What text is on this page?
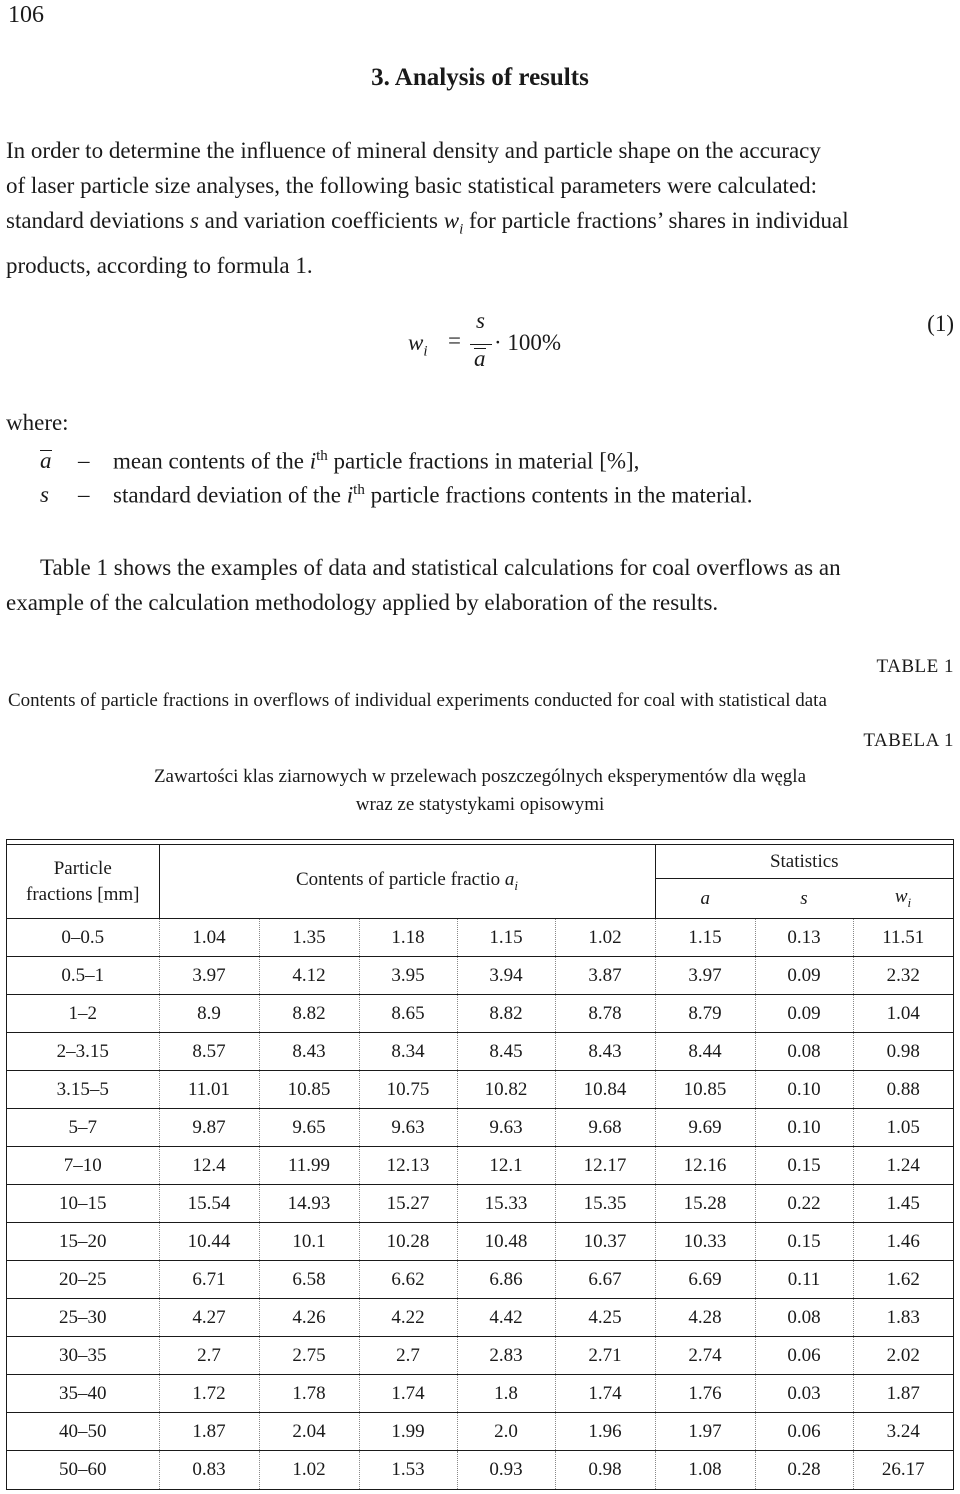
106
3. Analysis of results
In order to determine the influence of mineral density and particle shape on the accuracy
of laser particle size analyses, the following basic statistical parameters were calculated:
standard deviations s and variation coefficients $w_i$ for particle fractions’ shares in individual
products, according to formula 1.
$w_i$ =
s
a
· 100%
(1)
where:
a – mean contents of the $i^{th}$ particle fractions in material [%],
s – standard deviation of the $i^{th}$ particle fractions contents in the material.
Table 1 shows the examples of data and statistical calculations for coal overflows as an
example of the calculation methodology applied by elaboration of the results.
TABLE 1
Contents of particle fractions in overflows of individual experiments conducted for coal with statistical data
TABELA 1
Zawartości klas ziarnowych w przelewach poszczególnych eksperymentów dla węgla
wraz ze statystykami opisowymi
Particle
fractions [mm]	Contents of particle fractio $a_i$					Statistics		
						a	s	$w_i$
0–0.5	1.04	1.35	1.18	1.15	1.02	1.15	0.13	11.51
0.5–1	3.97	4.12	3.95	3.94	3.87	3.97	0.09	2.32
1–2	8.9	8.82	8.65	8.82	8.78	8.79	0.09	1.04
2–3.15	8.57	8.43	8.34	8.45	8.43	8.44	0.08	0.98
3.15–5	11.01	10.85	10.75	10.82	10.84	10.85	0.10	0.88
5–7	9.87	9.65	9.63	9.63	9.68	9.69	0.10	1.05
7–10	12.4	11.99	12.13	12.1	12.17	12.16	0.15	1.24
10–15	15.54	14.93	15.27	15.33	15.35	15.28	0.22	1.45
15–20	10.44	10.1	10.28	10.48	10.37	10.33	0.15	1.46
20–25	6.71	6.58	6.62	6.86	6.67	6.69	0.11	1.62
25–30	4.27	4.26	4.22	4.42	4.25	4.28	0.08	1.83
30–35	2.7	2.75	2.7	2.83	2.71	2.74	0.06	2.02
35–40	1.72	1.78	1.74	1.8	1.74	1.76	0.03	1.87
40–50	1.87	2.04	1.99	2.0	1.96	1.97	0.06	3.24
50–60	0.83	1.02	1.53	0.93	0.98	1.08	0.28	26.17
